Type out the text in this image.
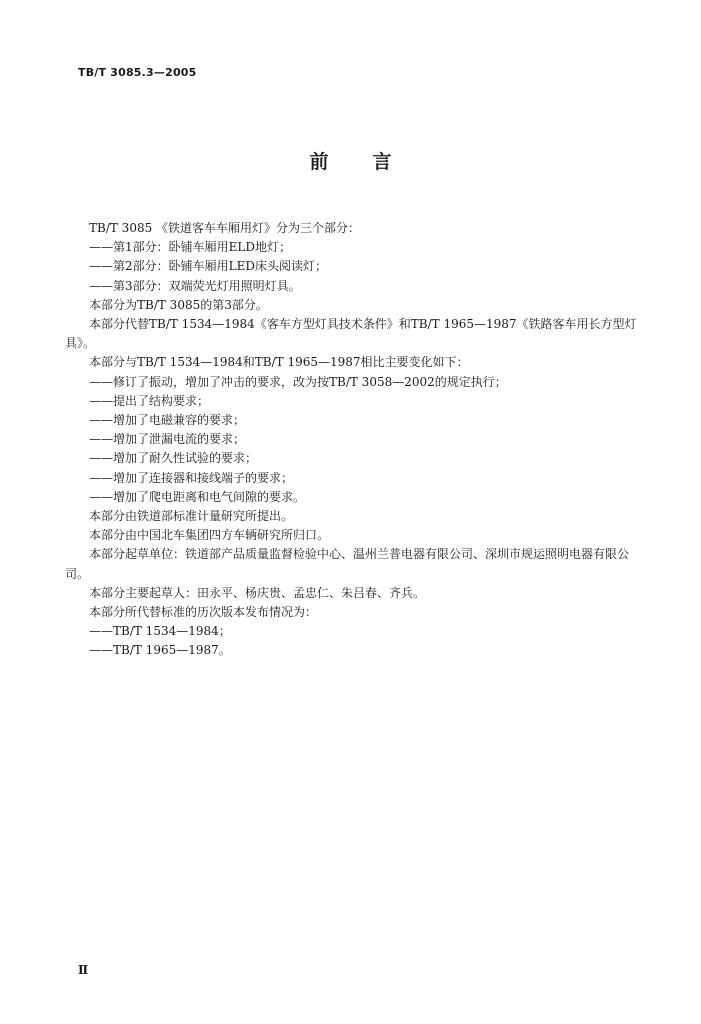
TB/T 3085.3—2005
前言

TB/T 3085 《铁道客车车厢用灯》分为三个部分：

——第1部分：卧铺车厢用ELD地灯；

——第2部分：卧铺车厢用LED床头阅读灯；

——第3部分：双端荧光灯用照明灯具。

本部分为TB/T 3085的第3部分。

本部分代替TB/T 1534—1984《客车方型灯具技术条件》和TB/T 1965—1987《铁路客车用长方型灯具》。

本部分与TB/T 1534—1984和TB/T 1965—1987相比主要变化如下：

——修订了振动，增加了冲击的要求，改为按TB/T 3058—2002的规定执行；

——提出了结构要求；

——增加了电磁兼容的要求；

——增加了泄漏电流的要求；

——增加了耐久性试验的要求；

——增加了连接器和接线端子的要求；

——增加了爬电距离和电气间隙的要求。

本部分由铁道部标准计量研究所提出。

本部分由中国北车集团四方车辆研究所归口。

本部分起草单位：铁道部产品质量监督检验中心、温州兰普电器有限公司、深圳市规运照明电器有限公司。

本部分主要起草人：田永平、杨庆贵、孟忠仁、朱吕春、齐兵。

本部分所代替标准的历次版本发布情况为：

——TB/T 1534—1984；

——TB/T 1965—1987。

Ⅱ
